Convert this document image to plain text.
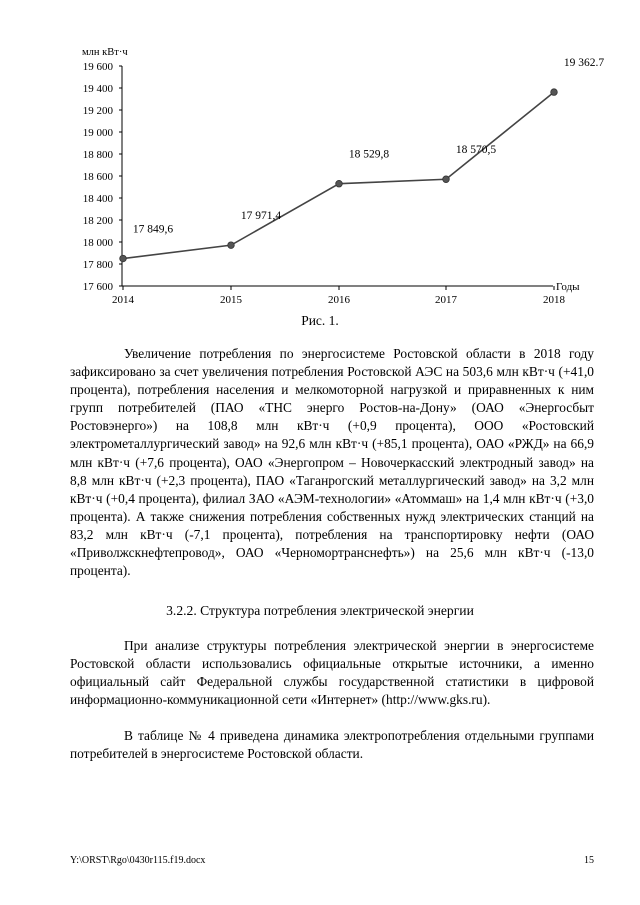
млн кВт·ч
17 600
17 800
18 000
18 200
18 400
18 600
18 800
19 000
19 200
19 400
19 600
Годы
2014	2015	2016	2017	2018
17 849,6
17 971,4
18 529,8	18 570,5
19 362.7
Рис. 1.

Увеличение потребления по энергосистеме Ростовской области в 2018 году зафиксировано за счет увеличения потребления Ростовской АЭС на 503,6 млн кВт·ч (+41,0 процента), потребления населения и мелкомоторной нагрузкой и приравненных к ним групп потребителей (ПАО «ТНС энерго Ростов-на-Дону» (ОАО «Энергосбыт Ростовэнерго») на 108,8 млн кВт·ч (+0,9 процента), ООО «Ростовский электрометаллургический завод» на 92,6 млн кВт·ч (+85,1 процента), ОАО «РЖД» на 66,9 млн кВт·ч (+7,6 процента), ОАО «Энергопром – Новочеркасский электродный завод» на 8,8 млн кВт·ч (+2,3 процента), ПАО «Таганрогский металлургический завод» на 3,2 млн кВт·ч (+0,4 процента), филиал ЗАО «АЭМ-технологии» «Атоммаш» на 1,4 млн кВт·ч (+3,0 процента). А также снижения потребления собственных нужд электрических станций на 83,2 млн кВт·ч (-7,1 процента), потребления на транспортировку нефти (ОАО «Приволжскнефтепровод», ОАО «Черномортранснефть») на 25,6 млн кВт·ч (-13,0 процента).

3.2.2. Структура потребления электрической энергии

При анализе структуры потребления электрической энергии в энергосистеме Ростовской области использовались официальные открытые источники, а именно официальный сайт Федеральной службы государственной статистики в цифровой информационно-коммуникационной сети «Интернет» (http://www.gks.ru).

В таблице № 4 приведена динамика электропотребления отдельными группами потребителей в энергосистеме Ростовской области.

Y:\ORST\Rgo\0430r115.f19.docx	15
